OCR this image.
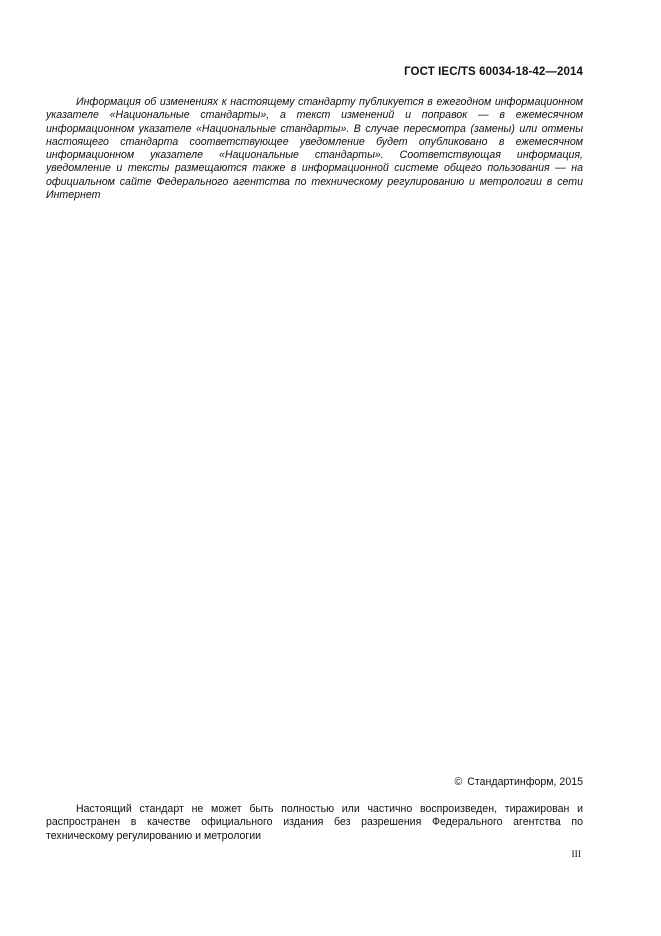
ГОСТ IEC/TS 60034-18-42—2014

Информация об изменениях к настоящему стандарту публикуется в ежегодном информационном указателе «Национальные стандарты», а текст изменений и поправок — в ежемесячном информационном указателе «Национальные стандарты». В случае пересмотра (замены) или отмены настоящего стандарта соответствующее уведомление будет опубликовано в ежемесячном информационном указателе «Национальные стандарты». Соответствующая информация, уведомление и тексты размещаются также в информационной системе общего пользования — на официальном сайте Федерального агентства по техническому регулированию и метрологии в сети Интернет

© Стандартинформ, 2015

Настоящий стандарт не может быть полностью или частично воспроизведен, тиражирован и распространен в качестве официального издания без разрешения Федерального агентства по техническому регулированию и метрологии

III
